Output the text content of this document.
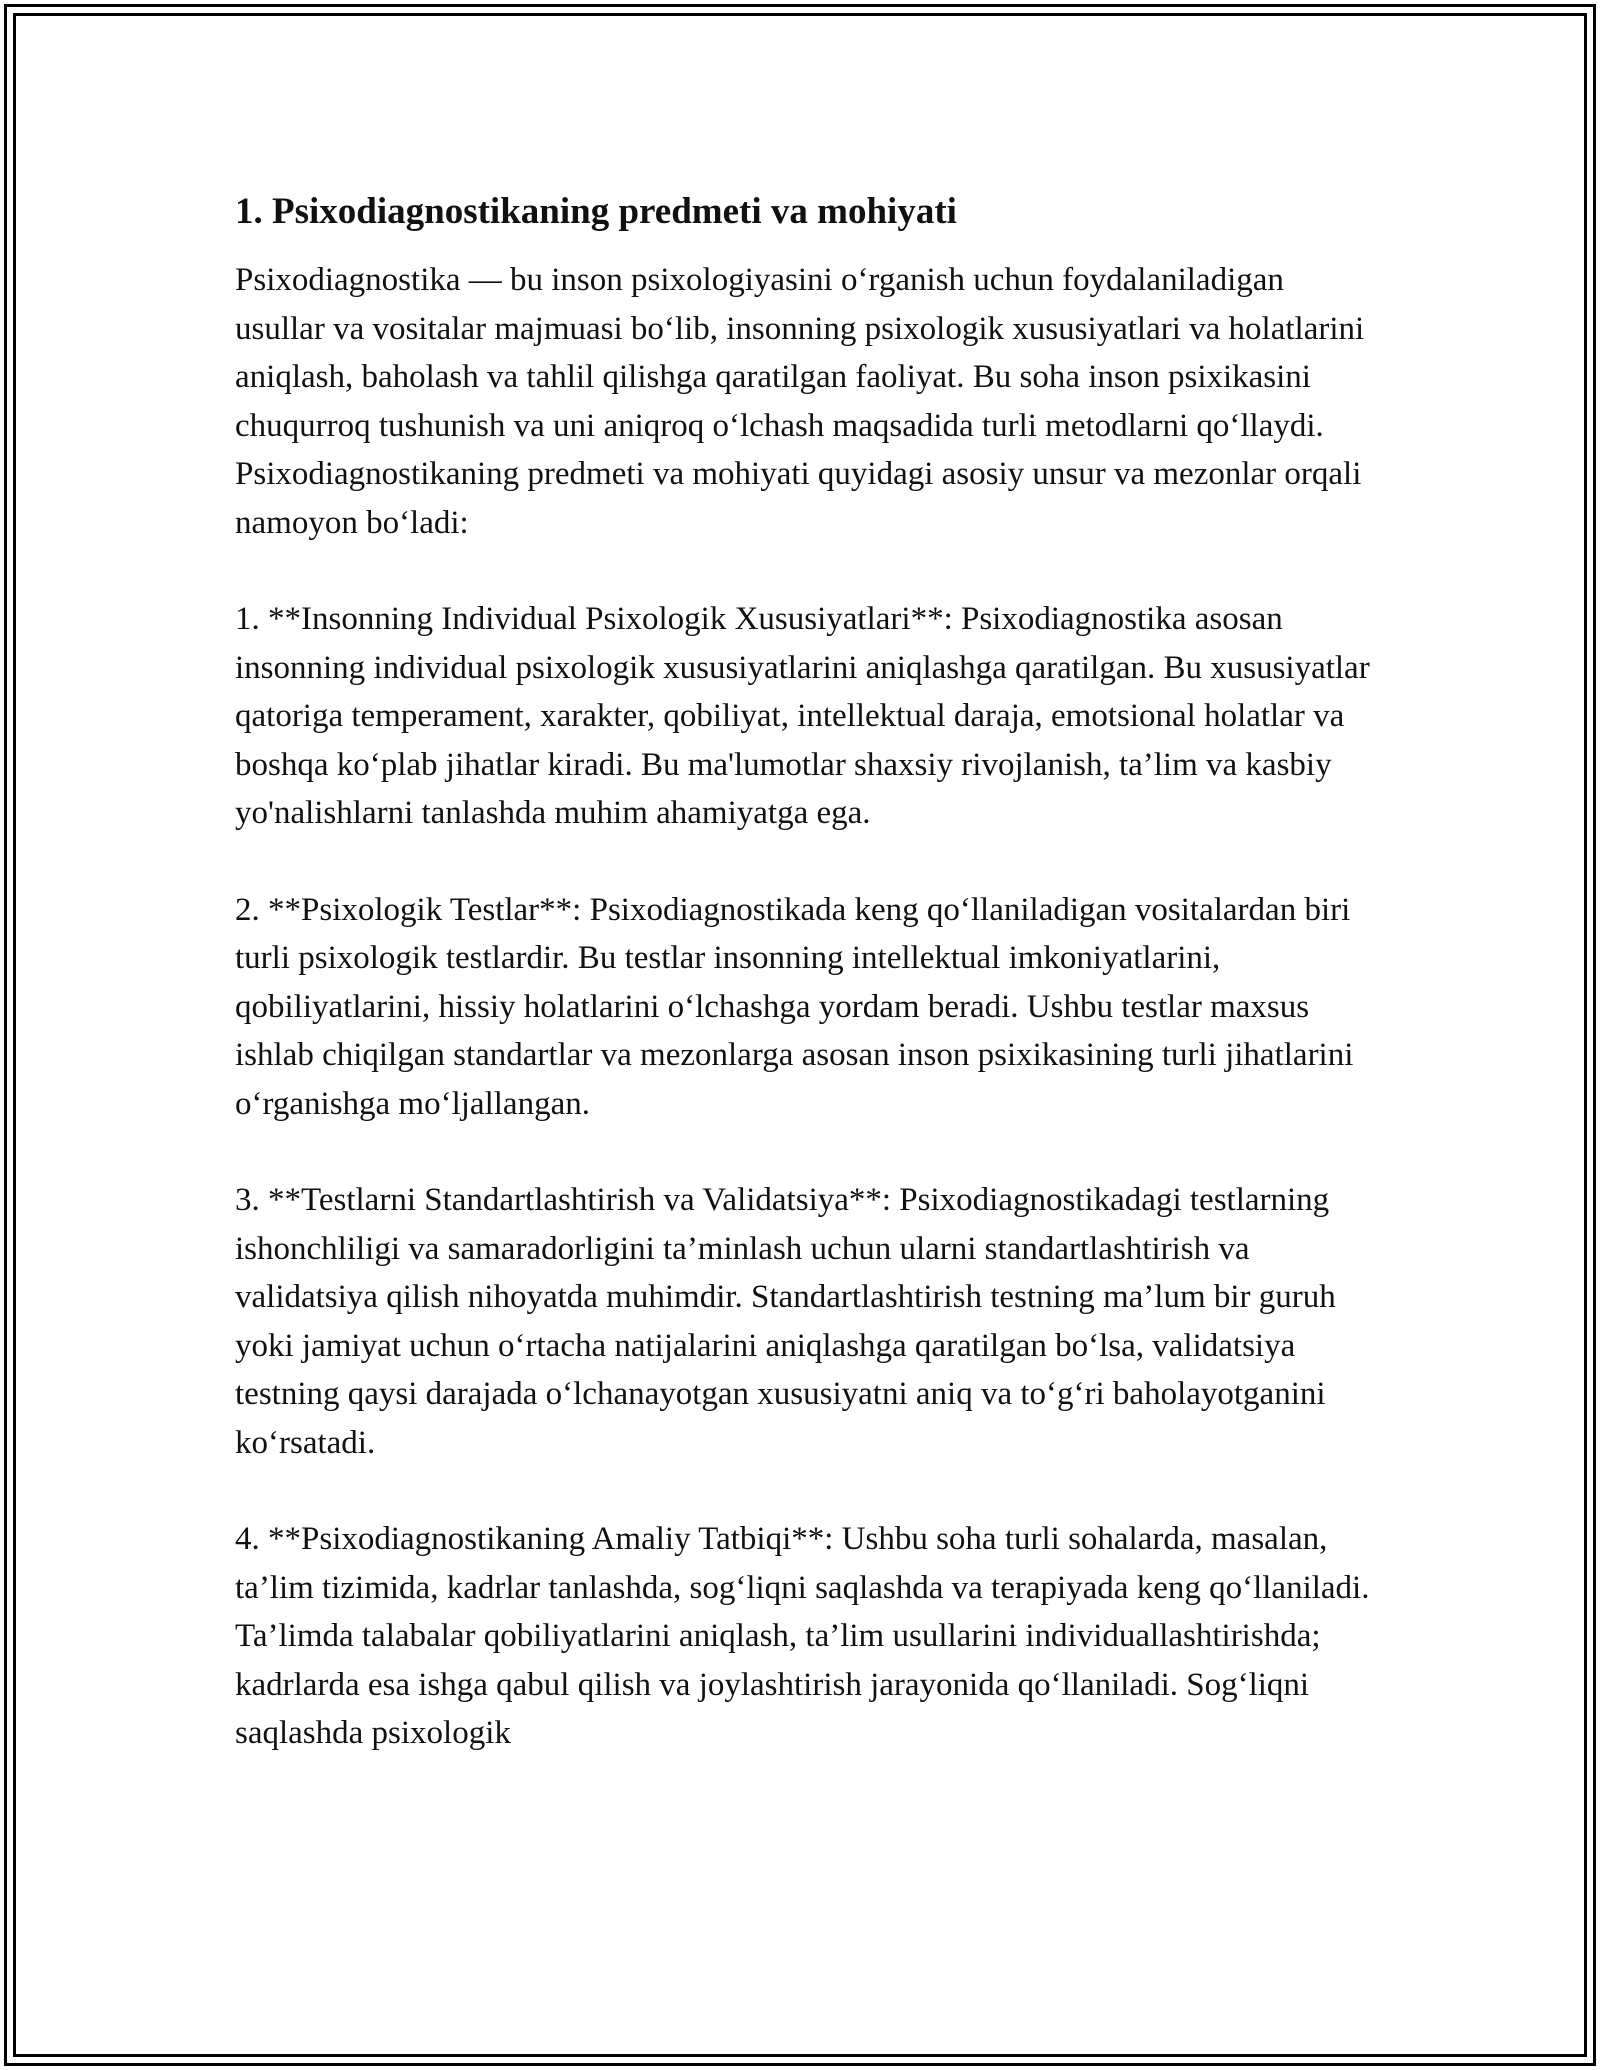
1. Psixodiagnostikaning predmeti va mohiyati

Psixodiagnostika — bu inson psixologiyasini oʻrganish uchun foydalaniladigan usullar va vositalar majmuasi boʻlib, insonning psixologik xususiyatlari va holatlarini aniqlash, baholash va tahlil qilishga qaratilgan faoliyat. Bu soha inson psixikasini chuqurroq tushunish va uni aniqroq oʻlchash maqsadida turli metodlarni qoʻllaydi. Psixodiagnostikaning predmeti va mohiyati quyidagi asosiy unsur va mezonlar orqali namoyon boʻladi:

1. **Insonning Individual Psixologik Xususiyatlari**: Psixodiagnostika asosan insonning individual psixologik xususiyatlarini aniqlashga qaratilgan. Bu xususiyatlar qatoriga temperament, xarakter, qobiliyat, intellektual daraja, emotsional holatlar va boshqa koʻplab jihatlar kiradi. Bu ma'lumotlar shaxsiy rivojlanish, ta’lim va kasbiy yo'nalishlarni tanlashda muhim ahamiyatga ega.

2. **Psixologik Testlar**: Psixodiagnostikada keng qoʻllaniladigan vositalardan biri turli psixologik testlardir. Bu testlar insonning intellektual imkoniyatlarini, qobiliyatlarini, hissiy holatlarini oʻlchashga yordam beradi. Ushbu testlar maxsus ishlab chiqilgan standartlar va mezonlarga asosan inson psixikasining turli jihatlarini oʻrganishga moʻljallangan.

3. **Testlarni Standartlashtirish va Validatsiya**: Psixodiagnostikadagi testlarning ishonchliligi va samaradorligini ta’minlash uchun ularni standartlashtirish va validatsiya qilish nihoyatda muhimdir. Standartlashtirish testning ma’lum bir guruh yoki jamiyat uchun oʻrtacha natijalarini aniqlashga qaratilgan boʻlsa, validatsiya testning qaysi darajada oʻlchanayotgan xususiyatni aniq va toʻgʻri baholayotganini koʻrsatadi.

4. **Psixodiagnostikaning Amaliy Tatbiqi**: Ushbu soha turli sohalarda, masalan, ta’lim tizimida, kadrlar tanlashda, sogʻliqni saqlashda va terapiyada keng qoʻllaniladi. Ta’limda talabalar qobiliyatlarini aniqlash, ta’lim usullarini individuallashtirishda; kadrlarda esa ishga qabul qilish va joylashtirish jarayonida qoʻllaniladi. Sogʻliqni saqlashda psixologik
